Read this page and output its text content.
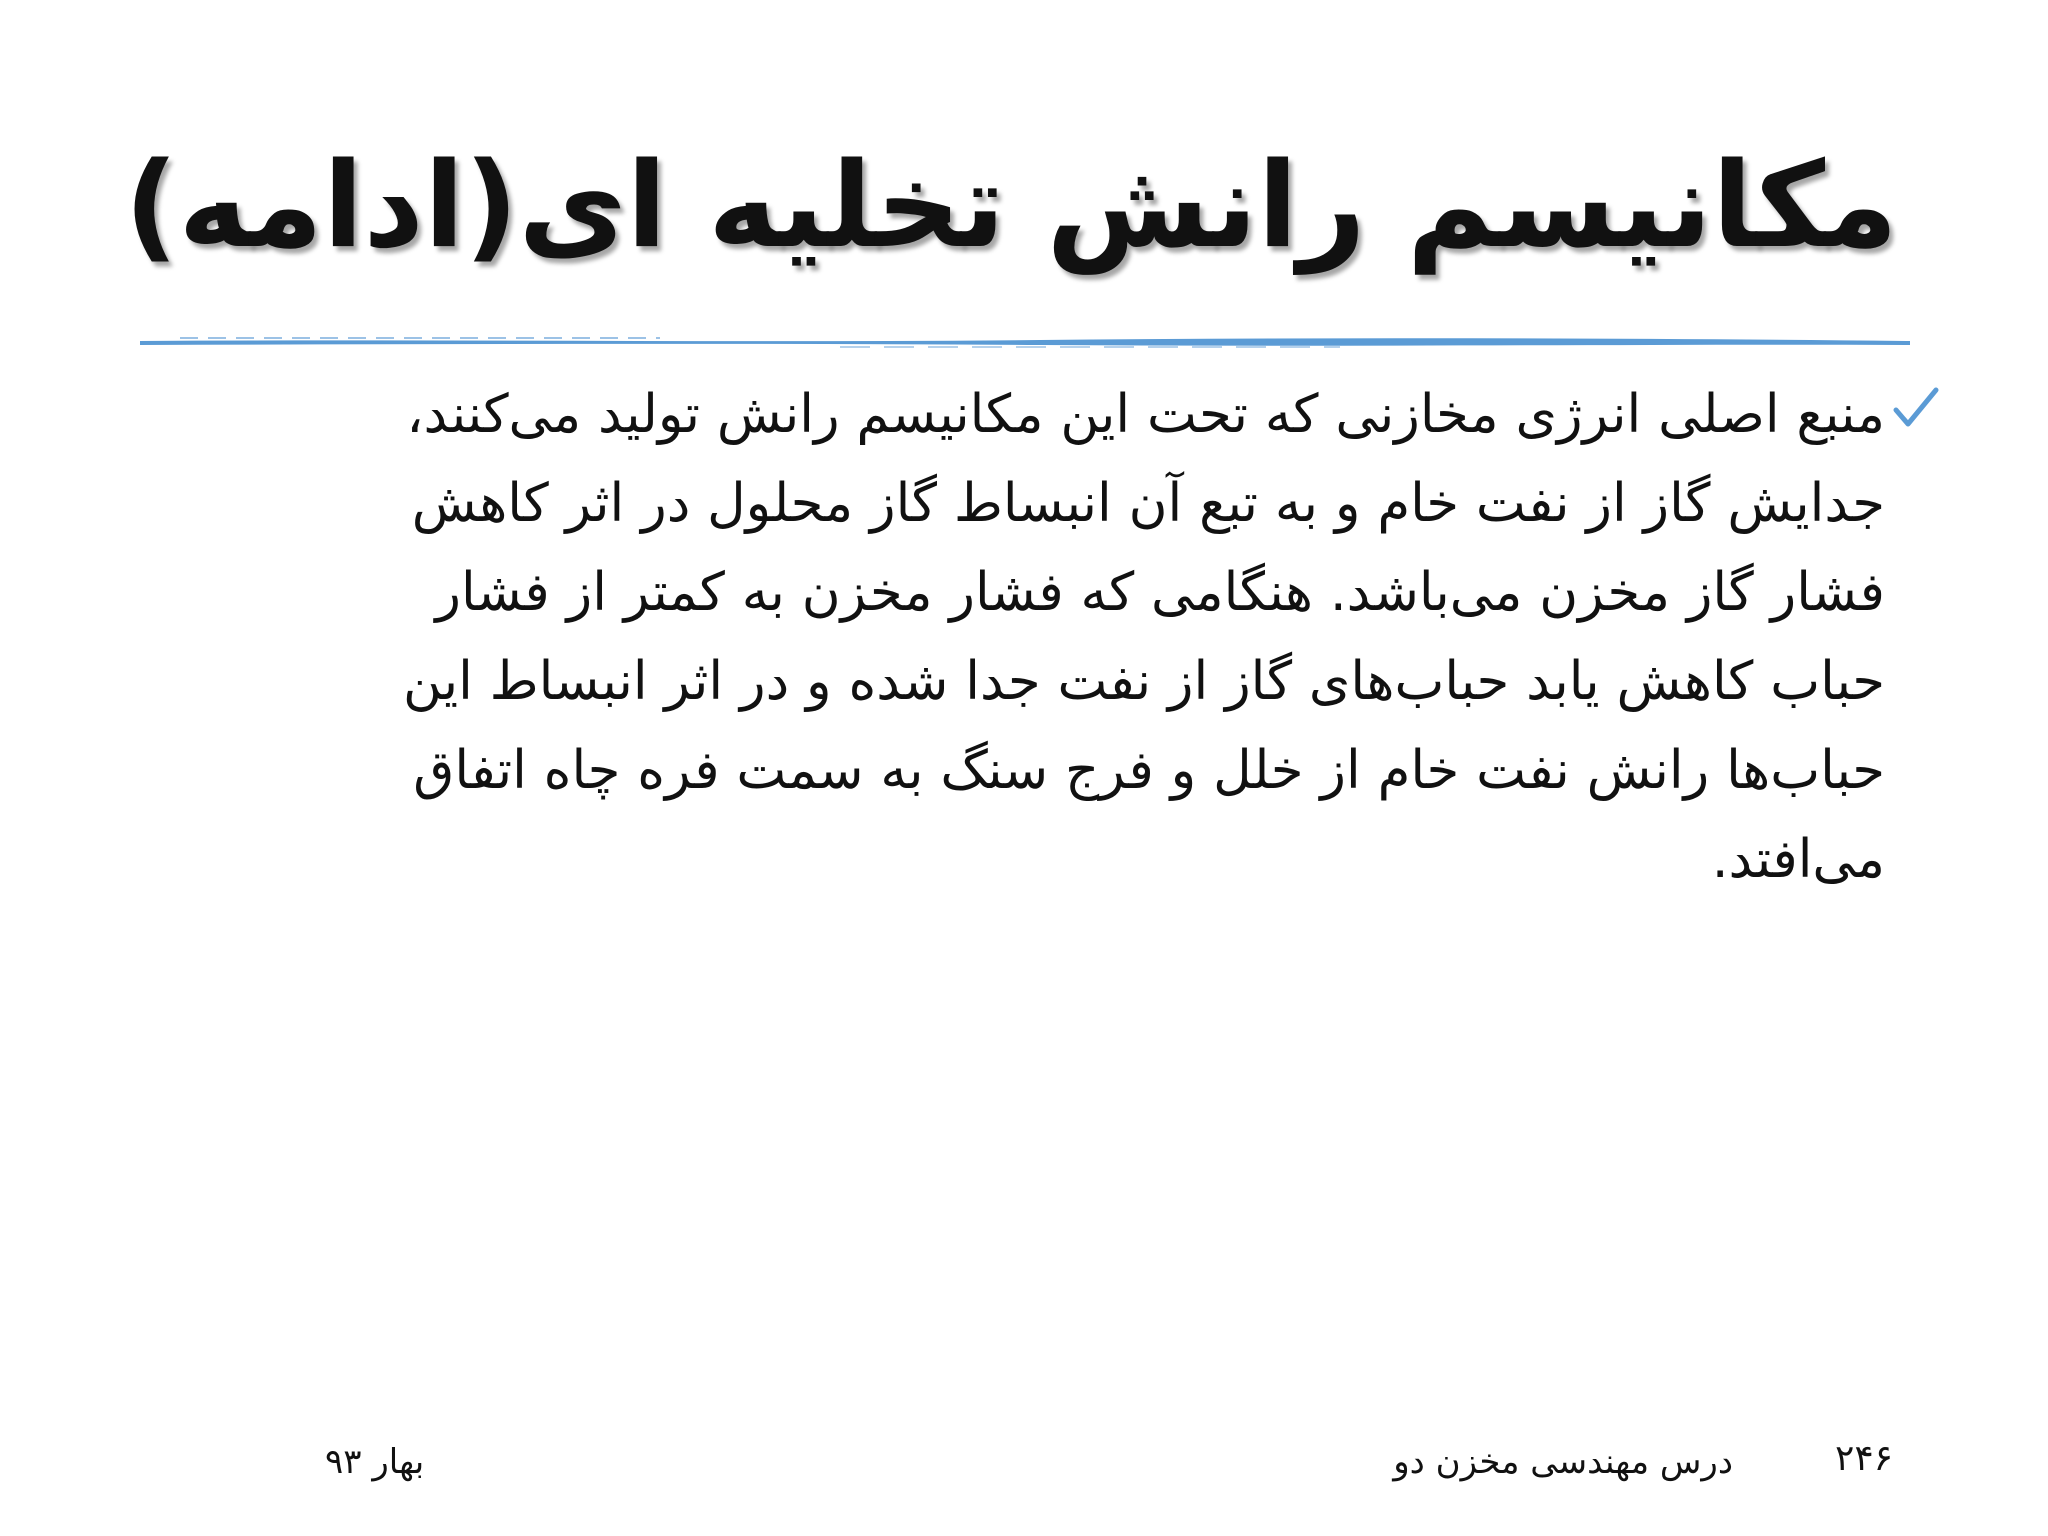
مکانیسم رانش تخلیه ای(ادامه)
منبع اصلی انرژی مخازنی که تحت این مکانیسم رانش تولید می‌کنند،
جدایش گاز از نفت خام و به تبع آن انبساط گاز محلول در اثر کاهش
فشار گاز مخزن می‌باشد. هنگامی که فشار مخزن به کمتر از فشار
حباب کاهش یابد حباب‌های گاز از نفت جدا شده و در اثر انبساط این
حباب‌ها رانش نفت خام از خلل و فرج سنگ به سمت فره چاه اتفاق
می‌افتد.
۲۴۶
درس مهندسی مخزن دو
بهار ۹۳
